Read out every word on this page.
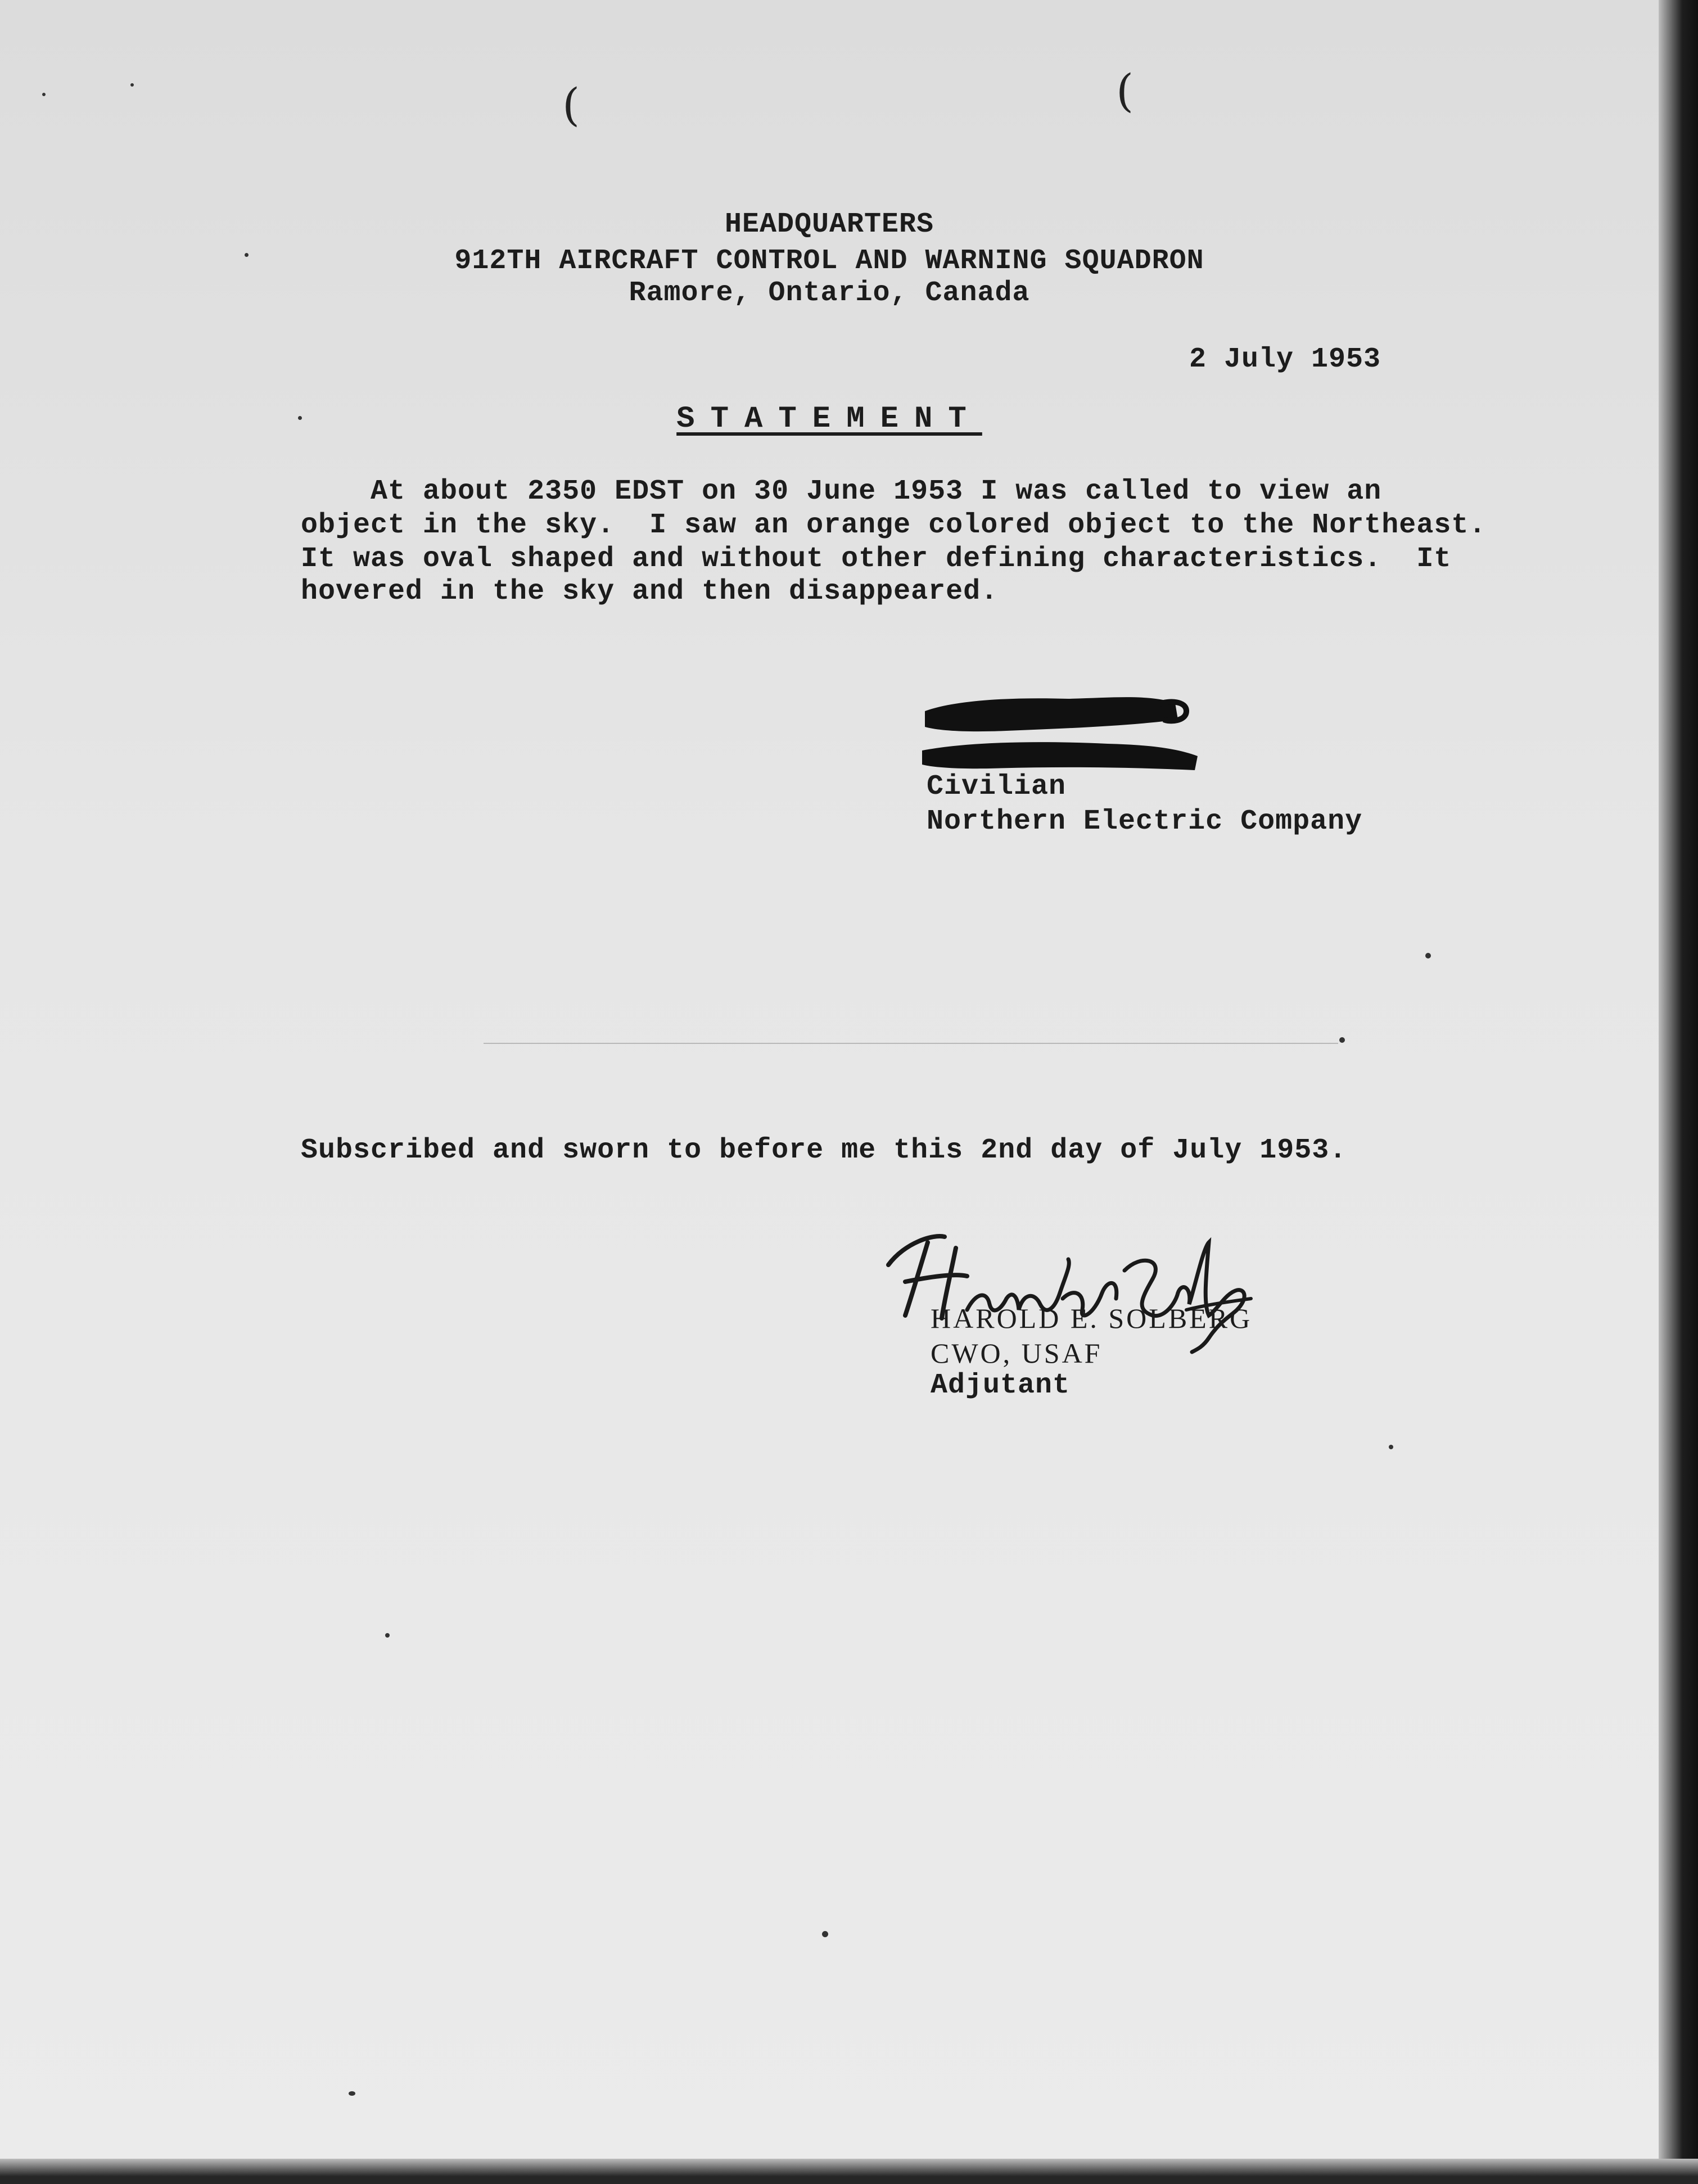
(	(
HEADQUARTERS
912TH AIRCRAFT CONTROL AND WARNING SQUADRON
Ramore, Ontario, Canada
2 July 1953
STATEMENT
At about 2350 EDST on 30 June 1953 I was called to view an
object in the sky.  I saw an orange colored object to the Northeast.
It was oval shaped and without other defining characteristics.  It
hovered in the sky and then disappeared.
Civilian
Northern Electric Company
Subscribed and sworn to before me this 2nd day of July 1953.
HAROLD E. SOLBERG
CWO, USAF
Adjutant
